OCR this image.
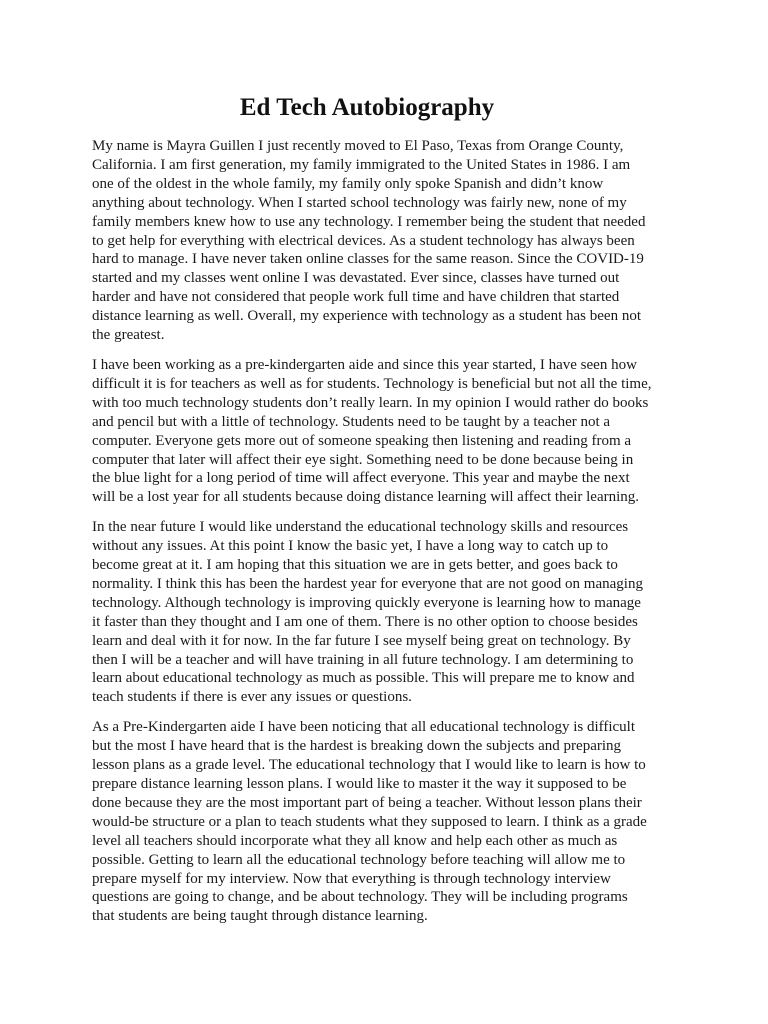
Ed Tech Autobiography

My name is Mayra Guillen I just recently moved to El Paso, Texas from Orange County, California. I am first generation, my family immigrated to the United States in 1986. I am one of the oldest in the whole family, my family only spoke Spanish and didn’t know anything about technology. When I started school technology was fairly new, none of my family members knew how to use any technology. I remember being the student that needed to get help for everything with electrical devices. As a student technology has always been hard to manage. I have never taken online classes for the same reason. Since the COVID-19 started and my classes went online I was devastated. Ever since, classes have turned out harder and have not considered that people work full time and have children that started distance learning as well. Overall, my experience with technology as a student has been not the greatest.

I have been working as a pre-kindergarten aide and since this year started, I have seen how difficult it is for teachers as well as for students. Technology is beneficial but not all the time, with too much technology students don’t really learn. In my opinion I would rather do books and pencil but with a little of technology. Students need to be taught by a teacher not a computer. Everyone gets more out of someone speaking then listening and reading from a computer that later will affect their eye sight. Something need to be done because being in the blue light for a long period of time will affect everyone. This year and maybe the next will be a lost year for all students because doing distance learning will affect their learning.

In the near future I would like understand the educational technology skills and resources without any issues. At this point I know the basic yet, I have a long way to catch up to become great at it. I am hoping that this situation we are in gets better, and goes back to normality. I think this has been the hardest year for everyone that are not good on managing technology. Although technology is improving quickly everyone is learning how to manage it faster than they thought and I am one of them. There is no other option to choose besides learn and deal with it for now. In the far future I see myself being great on technology. By then I will be a teacher and will have training in all future technology. I am determining to learn about educational technology as much as possible. This will prepare me to know and teach students if there is ever any issues or questions.

As a Pre-Kindergarten aide I have been noticing that all educational technology is difficult but the most I have heard that is the hardest is breaking down the subjects and preparing lesson plans as a grade level. The educational technology that I would like to learn is how to prepare distance learning lesson plans. I would like to master it the way it supposed to be done because they are the most important part of being a teacher. Without lesson plans their would-be structure or a plan to teach students what they supposed to learn. I think as a grade level all teachers should incorporate what they all know and help each other as much as possible. Getting to learn all the educational technology before teaching will allow me to prepare myself for my interview. Now that everything is through technology interview questions are going to change, and be about technology. They will be including programs that students are being taught through distance learning.
